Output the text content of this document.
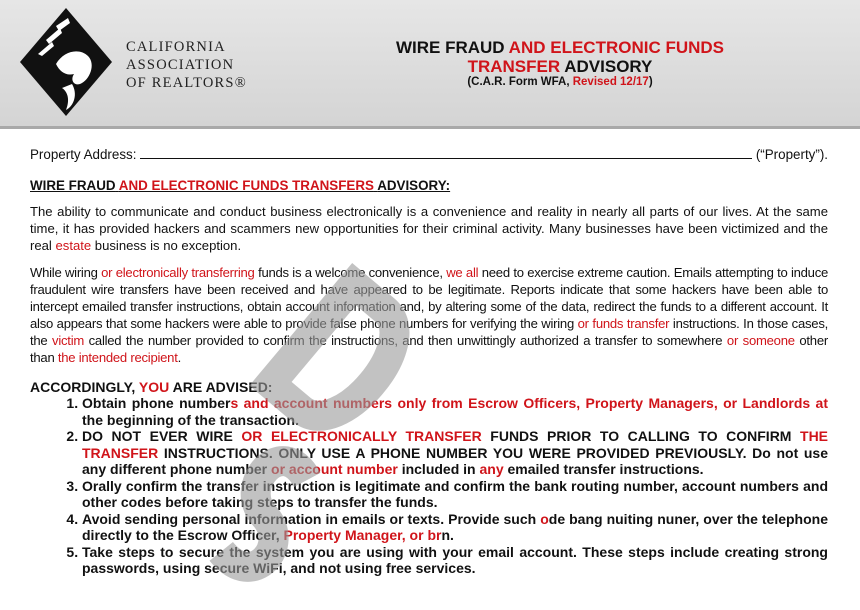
CALIFORNIA
ASSOCIATION
OF REALTORS®
WIRE FRAUD AND ELECTRONIC FUNDS
TRANSFER ADVISORY
(C.A.R. Form WFA, Revised 12/17)
Property Address:	(“Property”).
WIRE FRAUD AND ELECTRONIC FUNDS TRANSFERS ADVISORY:

The ability to communicate and conduct business electronically is a convenience and reality in nearly all parts of our lives. At the same time, it has provided hackers and scammers new opportunities for their criminal activity. Many businesses have been victimized and the real estate business is no exception.

While wiring or electronically transferring funds is a welcome convenience, we all need to exercise extreme caution. Emails attempting to induce fraudulent wire transfers have been received and have appeared to be legitimate. Reports indicate that some hackers have been able to intercept emailed transfer instructions, obtain account information and, by altering some of the data, redirect the funds to a different account. It also appears that some hackers were able to provide false phone numbers for verifying the wiring or funds transfer instructions. In those cases, the victim called the number provided to confirm the instructions, and then unwittingly authorized a transfer to somewhere or someone other than the intended recipient.

ACCORDINGLY, YOU ARE ADVISED:
1. Obtain phone numbers and account numbers only from Escrow Officers, Property Managers, or Landlords at the beginning of the transaction.
2. DO NOT EVER WIRE OR ELECTRONICALLY TRANSFER FUNDS PRIOR TO CALLING TO CONFIRM THE TRANSFER INSTRUCTIONS. ONLY USE A PHONE NUMBER YOU WERE PROVIDED PREVIOUSLY. Do not use any different phone number or account number included in any emailed transfer instructions.
3. Orally confirm the transfer instruction is legitimate and confirm the bank routing number, account numbers and other codes before taking steps to transfer the funds.
4. Avoid sending personal information in emails or texts. Provide such ode bang nuiting nuner, over the telephone directly to the Escrow Officer, Property Manager, or brn.
5. Take steps to secure the system you are using with your email account. These steps include creating strong passwords, using secure WiFi, and not using free services.
